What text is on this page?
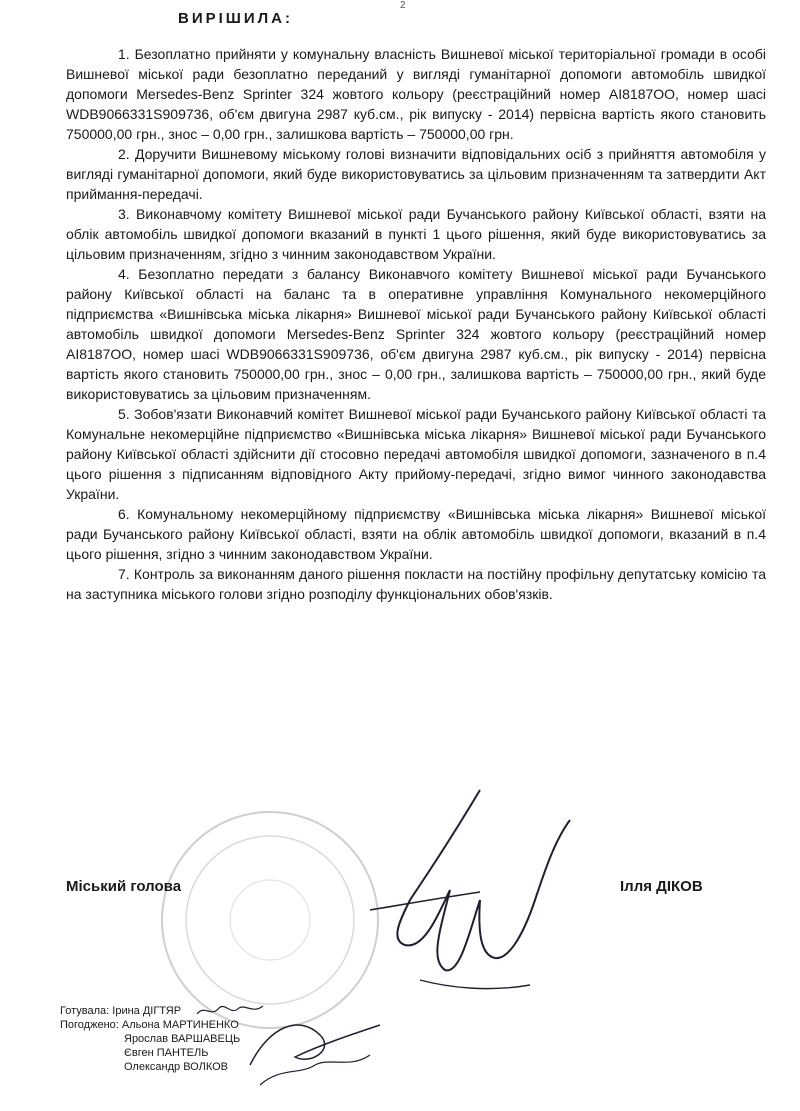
2
ВИРІШИЛА:

1. Безоплатно прийняти у комунальну власність Вишневої міської територіальної громади в особі Вишневої міської ради безоплатно переданий у вигляді гуманітарної допомоги автомобіль швидкої допомоги Mersedes-Benz Sprinter 324 жовтого кольору (реєстраційний номер АІ8187ОО, номер шасі WDB9066331S909736, об'єм двигуна 2987 куб.см., рік випуску - 2014) первісна вартість якого становить 750000,00 грн., знос – 0,00 грн., залишкова вартість – 750000,00 грн.

2. Доручити Вишневому міському голові визначити відповідальних осіб з прийняття автомобіля у вигляді гуманітарної допомоги, який буде використовуватись за цільовим призначенням та затвердити Акт приймання-передачі.

3. Виконавчому комітету Вишневої міської ради Бучанського району Київської області, взяти на облік автомобіль швидкої допомоги вказаний в пункті 1 цього рішення, який буде використовуватись за цільовим призначенням, згідно з чинним законодавством України.

4. Безоплатно передати з балансу Виконавчого комітету Вишневої міської ради Бучанського району Київської області на баланс та в оперативне управління Комунального некомерційного підприємства «Вишнівська міська лікарня» Вишневої міської ради Бучанського району Київської області автомобіль швидкої допомоги Mersedes-Benz Sprinter 324 жовтого кольору (реєстраційний номер АІ8187ОО, номер шасі WDB9066331S909736, об'єм двигуна 2987 куб.см., рік випуску - 2014) первісна вартість якого становить 750000,00 грн., знос – 0,00 грн., залишкова вартість – 750000,00 грн., який буде використовуватись за цільовим призначенням.

5. Зобов'язати Виконавчий комітет Вишневої міської ради Бучанського району Київської області та Комунальне некомерційне підприємство «Вишнівська міська лікарня» Вишневої міської ради Бучанського району Київської області здійснити дії стосовно передачі автомобіля швидкої допомоги, зазначеного в п.4 цього рішення з підписанням відповідного Акту прийому-передачі, згідно вимог чинного законодавства України.

6. Комунальному некомерційному підприємству «Вишнівська міська лікарня» Вишневої міської ради Бучанського району Київської області, взяти на облік автомобіль швидкої допомоги, вказаний в п.4 цього рішення, згідно з чинним законодавством України.

7. Контроль за виконанням даного рішення покласти на постійну профільну депутатську комісію та на заступника міського голови згідно розподілу функціональних обов'язків.

Міський голова	Ілля ДІКОВ
Готувала: Ірина ДІГТЯР
Погоджено: Альона МАРТИНЕНКО
Ярослав ВАРШАВЕЦЬ
Євген ПАНТЕЛЬ
Олександр ВОЛКОВ
